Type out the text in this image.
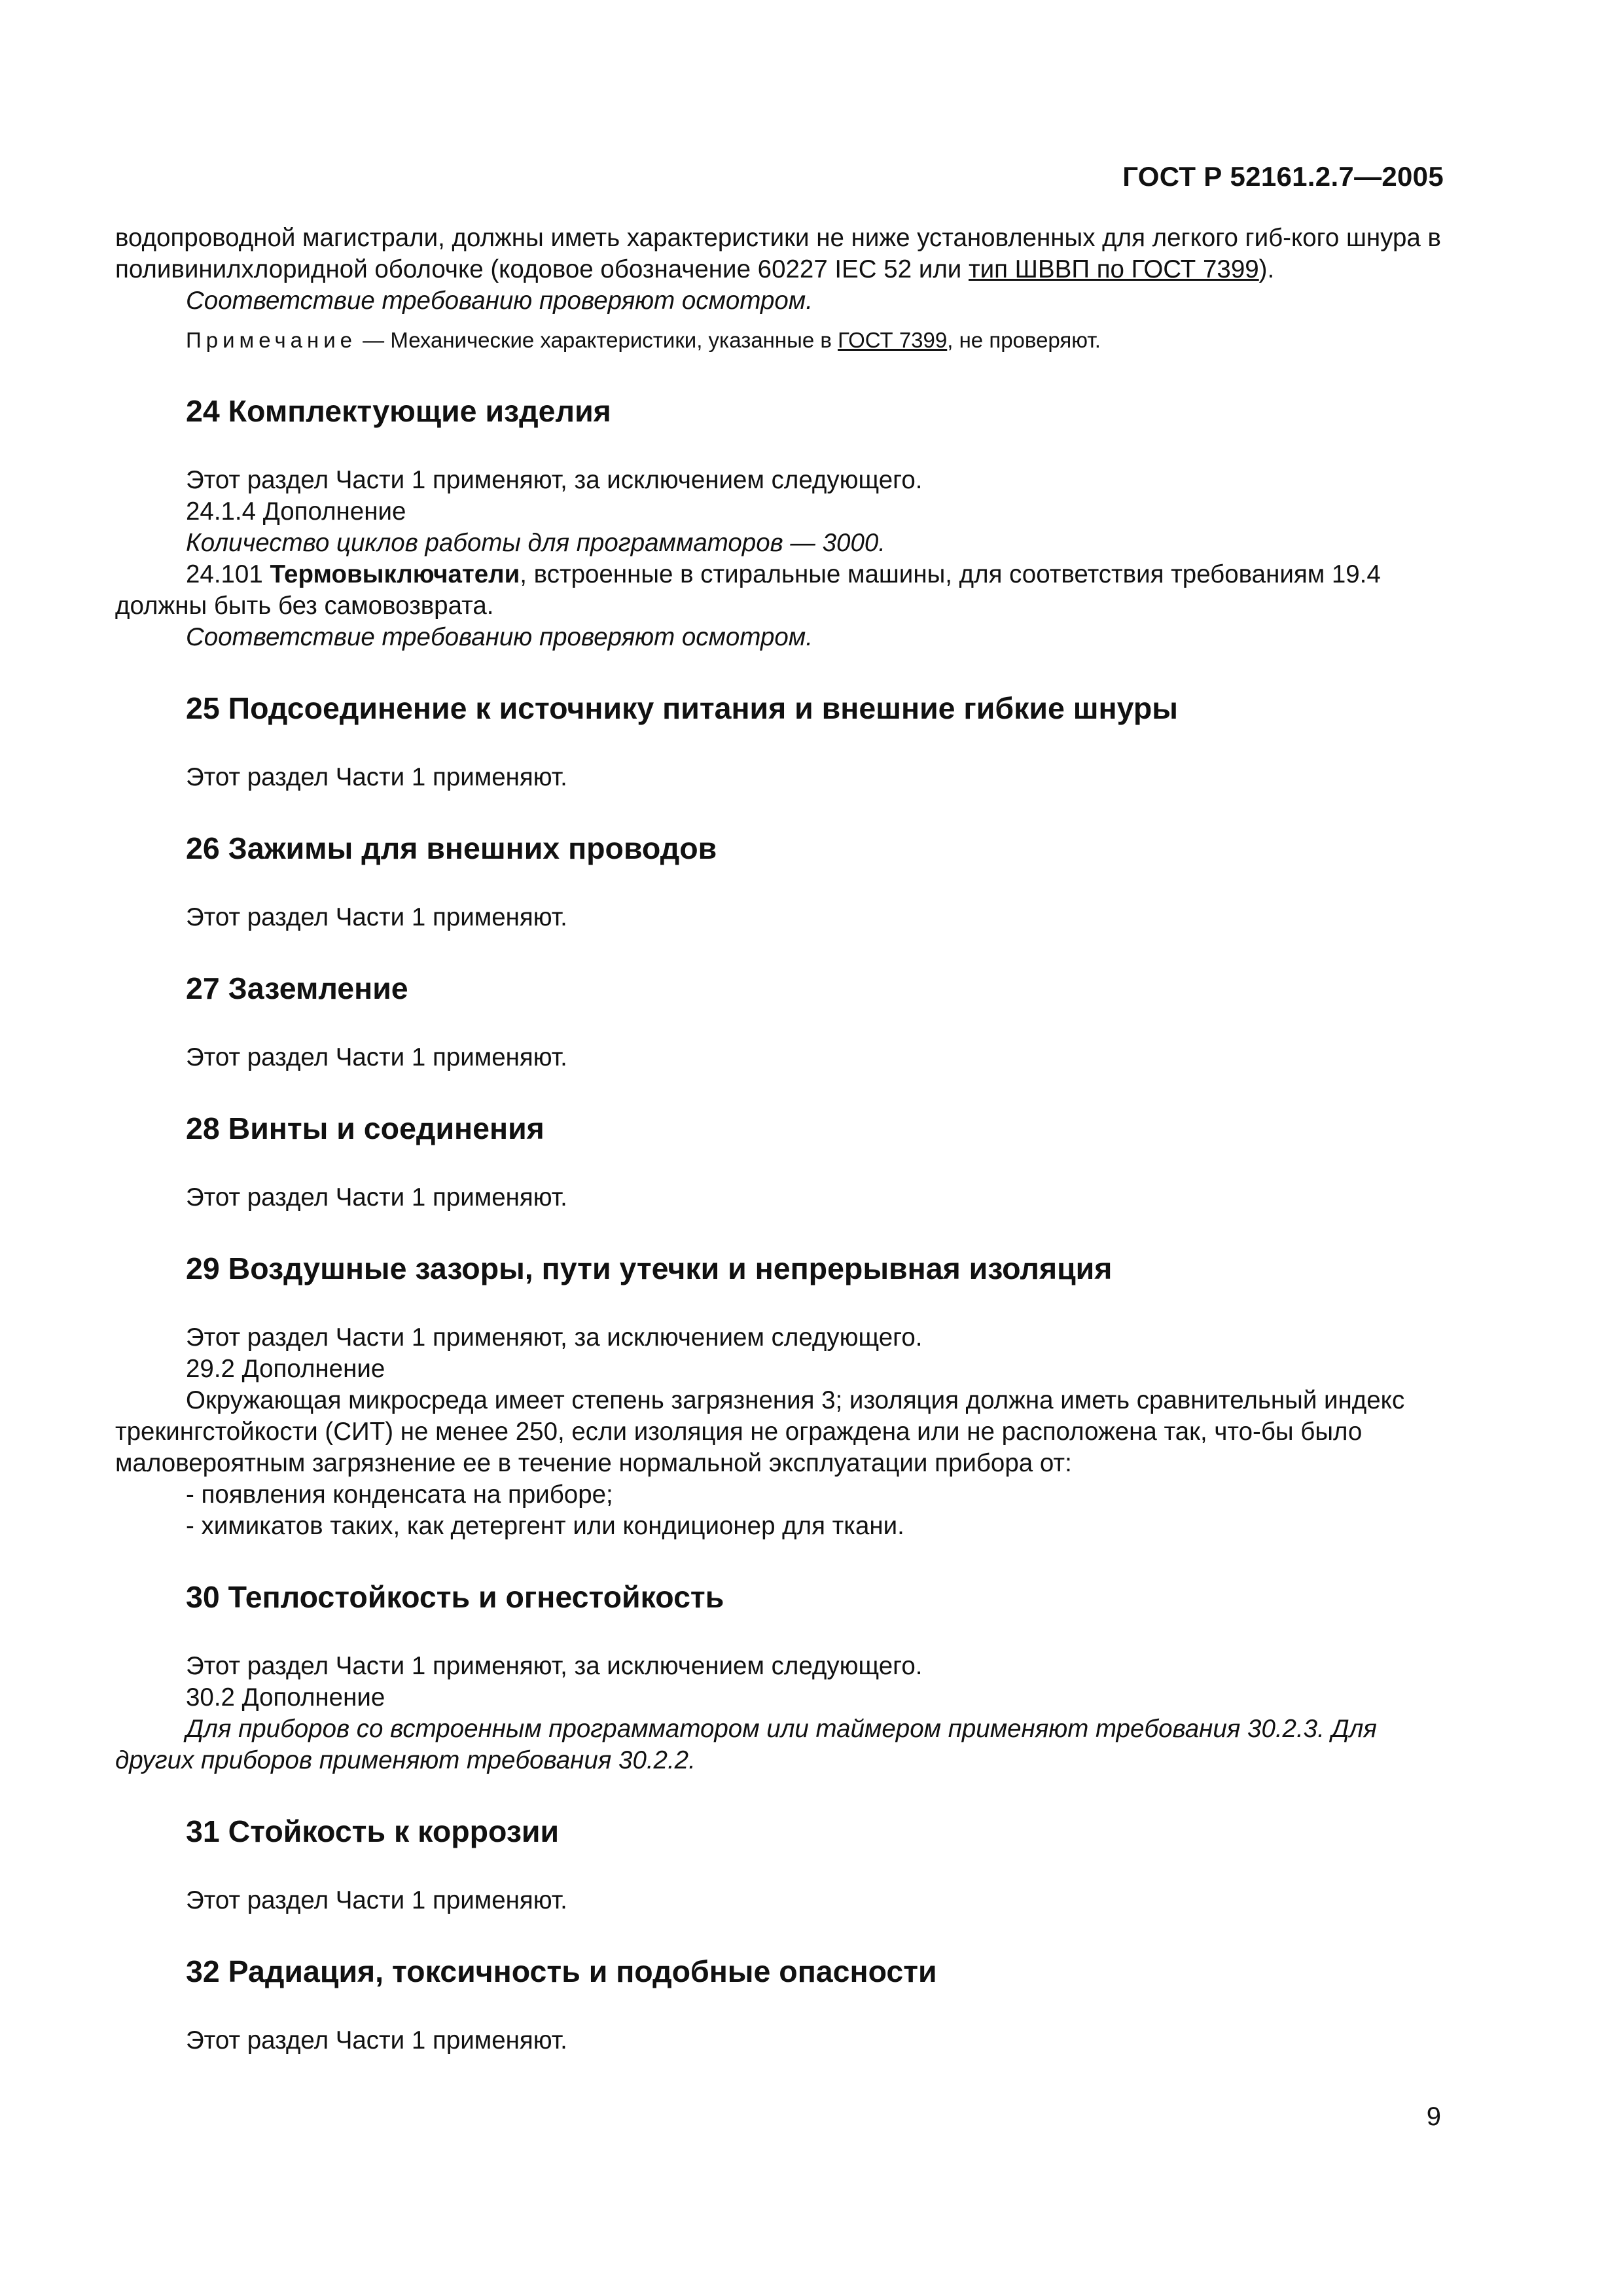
ГОСТ Р 52161.2.7—2005

водопроводной магистрали, должны иметь характеристики не ниже установленных для легкого гиб-кого шнура в поливинилхлоридной оболочке (кодовое обозначение 60227 IEC 52 или тип ШВВП по ГОСТ 7399).

Соответствие требованию проверяют осмотром.

Примечание — Механические характеристики, указанные в ГОСТ 7399, не проверяют.

24 Комплектующие изделия

Этот раздел Части 1 применяют, за исключением следующего.

24.1.4 Дополнение

Количество циклов работы для программаторов — 3000.

24.101 Термовыключатели, встроенные в стиральные машины, для соответствия требованиям 19.4 должны быть без самовозврата.

Соответствие требованию проверяют осмотром.

25 Подсоединение к источнику питания и внешние гибкие шнуры

Этот раздел Части 1 применяют.

26 Зажимы для внешних проводов

Этот раздел Части 1 применяют.

27 Заземление

Этот раздел Части 1 применяют.

28 Винты и соединения

Этот раздел Части 1 применяют.

29 Воздушные зазоры, пути утечки и непрерывная изоляция

Этот раздел Части 1 применяют, за исключением следующего.

29.2 Дополнение

Окружающая микросреда имеет степень загрязнения 3; изоляция должна иметь сравнительный индекс трекингстойкости (СИТ) не менее 250, если изоляция не ограждена или не расположена так, что-бы было маловероятным загрязнение ее в течение нормальной эксплуатации прибора от:

- появления конденсата на приборе;

- химикатов таких, как детергент или кондиционер для ткани.

30 Теплостойкость и огнестойкость

Этот раздел Части 1 применяют, за исключением следующего.

30.2 Дополнение

Для приборов со встроенным программатором или таймером применяют требования 30.2.3. Для других приборов применяют требования 30.2.2.

31 Стойкость к коррозии

Этот раздел Части 1 применяют.

32 Радиация, токсичность и подобные опасности

Этот раздел Части 1 применяют.

9
